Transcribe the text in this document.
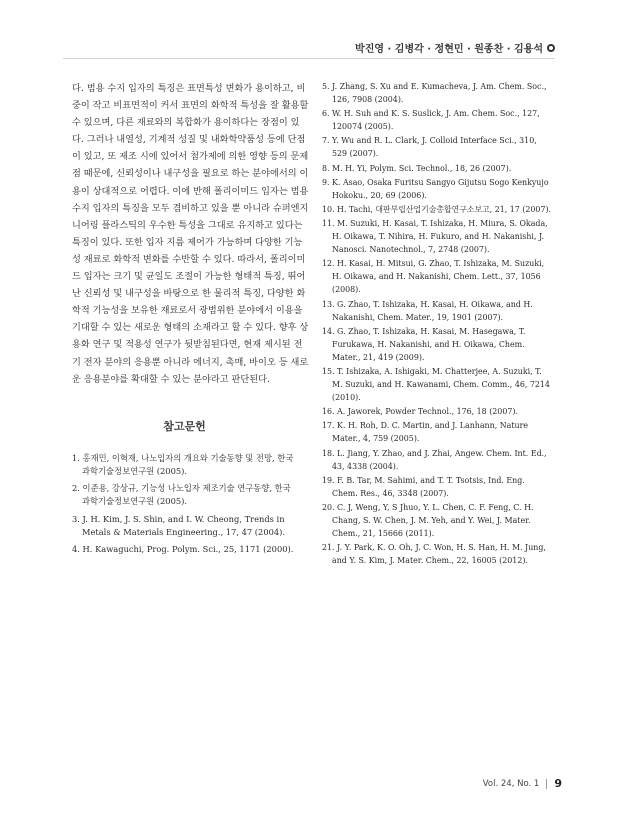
박진영 · 김병각 · 정현민 · 원종찬 · 김용석

다. 범용 수지 입자의 특징은 표면특성 변화가 용이하고, 비
중이 작고 비표면적이 커서 표면의 화학적 특성을 잘 활용할
수 있으며, 다른 재료와의 복합화가 용이하다는 장점이 있
다. 그러나 내열성, 기계적 성질 및 내화학약품성 등에 단점
이 있고, 또 제조 시에 있어서 첨가제에 의한 영향 등의 문제
점 때문에, 신뢰성이나 내구성을 필요로 하는 분야에서의 이
용이 상대적으로 어렵다. 이에 반해 폴리이미드 입자는 범용
수지 입자의 특징을 모두 겸비하고 있을 뿐 아니라 슈퍼엔지
니어링 플라스틱의 우수한 특성을 그대로 유지하고 있다는
특징이 있다. 또한 입자 지름 제어가 가능하며 다양한 기능
성 재료로 화학적 변화를 수반할 수 있다. 따라서, 폴리이미
드 입자는 크기 및 균일도 조절이 가능한 형태적 특징, 뛰어
난 신뢰성 및 내구성을 바탕으로 한 물리적 특징, 다양한 화
학적 기능성을 보유한 재료로서 광범위한 분야에서 이용을
기대할 수 있는 새로운 형태의 소재라고 할 수 있다. 향후 상
용화 연구 및 적용성 연구가 뒷받침된다면, 현재 제시된 전
기 전자 분야의 응용뿐 아니라 에너지, 촉매, 바이오 등 새로
운 응용분야를 확대할 수 있는 분야라고 판단된다.

참고문헌
1. 홍재민, 이혁재, 나노입자의 개요와 기술동향 및 전망, 한국과학기술정보연구원 (2005).
2. 이준용, 강상규, 기능성 나노입자 제조기술 연구동향, 한국과학기술정보연구원 (2005).
3. J. H. Kim, J. S. Shin, and I. W. Cheong, Trends in Metals & Materials Engineering., 17, 47 (2004).
4. H. Kawaguchi, Prog. Polym. Sci., 25, 1171 (2000).
5. J. Zhang, S. Xu and E. Kumacheva, J. Am. Chem. Soc., 126, 7908 (2004).
6. W. H. Suh and K. S. Suslick, J. Am. Chem. Soc., 127, 120074 (2005).
7. Y. Wu and R. L. Clark, J. Colloid Interface Sci., 310, 529 (2007).
8. M. H. Yi, Polym. Sci. Technol., 18, 26 (2007).
9. K. Asao, Osaka Furitsu Sangyo Gijutsu Sogo Kenkyujo Hokoku., 20, 69 (2006).
10. H. Tachi, 대판부립산업기술총합연구소보고, 21, 17 (2007).
11. M. Suzuki, H. Kasai, T. Ishizaka, H. Miura, S. Okada, H. Oikawa, T. Nihira, H. Fukuro, and H. Nakanishi, J. Nanosci. Nanotechnol., 7, 2748 (2007).
12. H. Kasai, H. Mitsui, G. Zhao, T. Ishizaka, M. Suzuki, H. Oikawa, and H. Nakanishi, Chem. Lett., 37, 1056 (2008).
13. G. Zhao, T. Ishizaka, H. Kasai, H. Oikawa, and H. Nakanishi, Chem. Mater., 19, 1901 (2007).
14. G. Zhao, T. Ishizaka, H. Kasai, M. Hasegawa, T. Furukawa, H. Nakanishi, and H. Oikawa, Chem. Mater., 21, 419 (2009).
15. T. Ishizaka, A. Ishigaki, M. Chatterjee, A. Suzuki, T. M. Suzuki, and H. Kawanami, Chem. Comm., 46, 7214 (2010).
16. A. Jaworek, Powder Technol., 176, 18 (2007).
17. K. H. Roh, D. C. Martin, and J. Lanhann, Nature Mater., 4, 759 (2005).
18. L. Jiang, Y. Zhao, and J. Zhai, Angew. Chem. Int. Ed., 43, 4338 (2004).
19. F. B. Tar, M. Sahimi, and T. T. Tsotsis, Ind. Eng. Chem. Res., 46, 3348 (2007).
20. C. J, Weng, Y, S Jhuo, Y. L. Chen, C. F. Feng, C. H. Chang, S. W. Chen, J. M. Yeh, and Y. Wei, J. Mater. Chem., 21, 15666 (2011).
21. J. Y. Park, K. O. Oh, J. C. Won, H. S. Han, H. M. Jung, and Y. S. Kim, J. Mater. Chem., 22, 16005 (2012).
Vol. 24, No. 1 9
